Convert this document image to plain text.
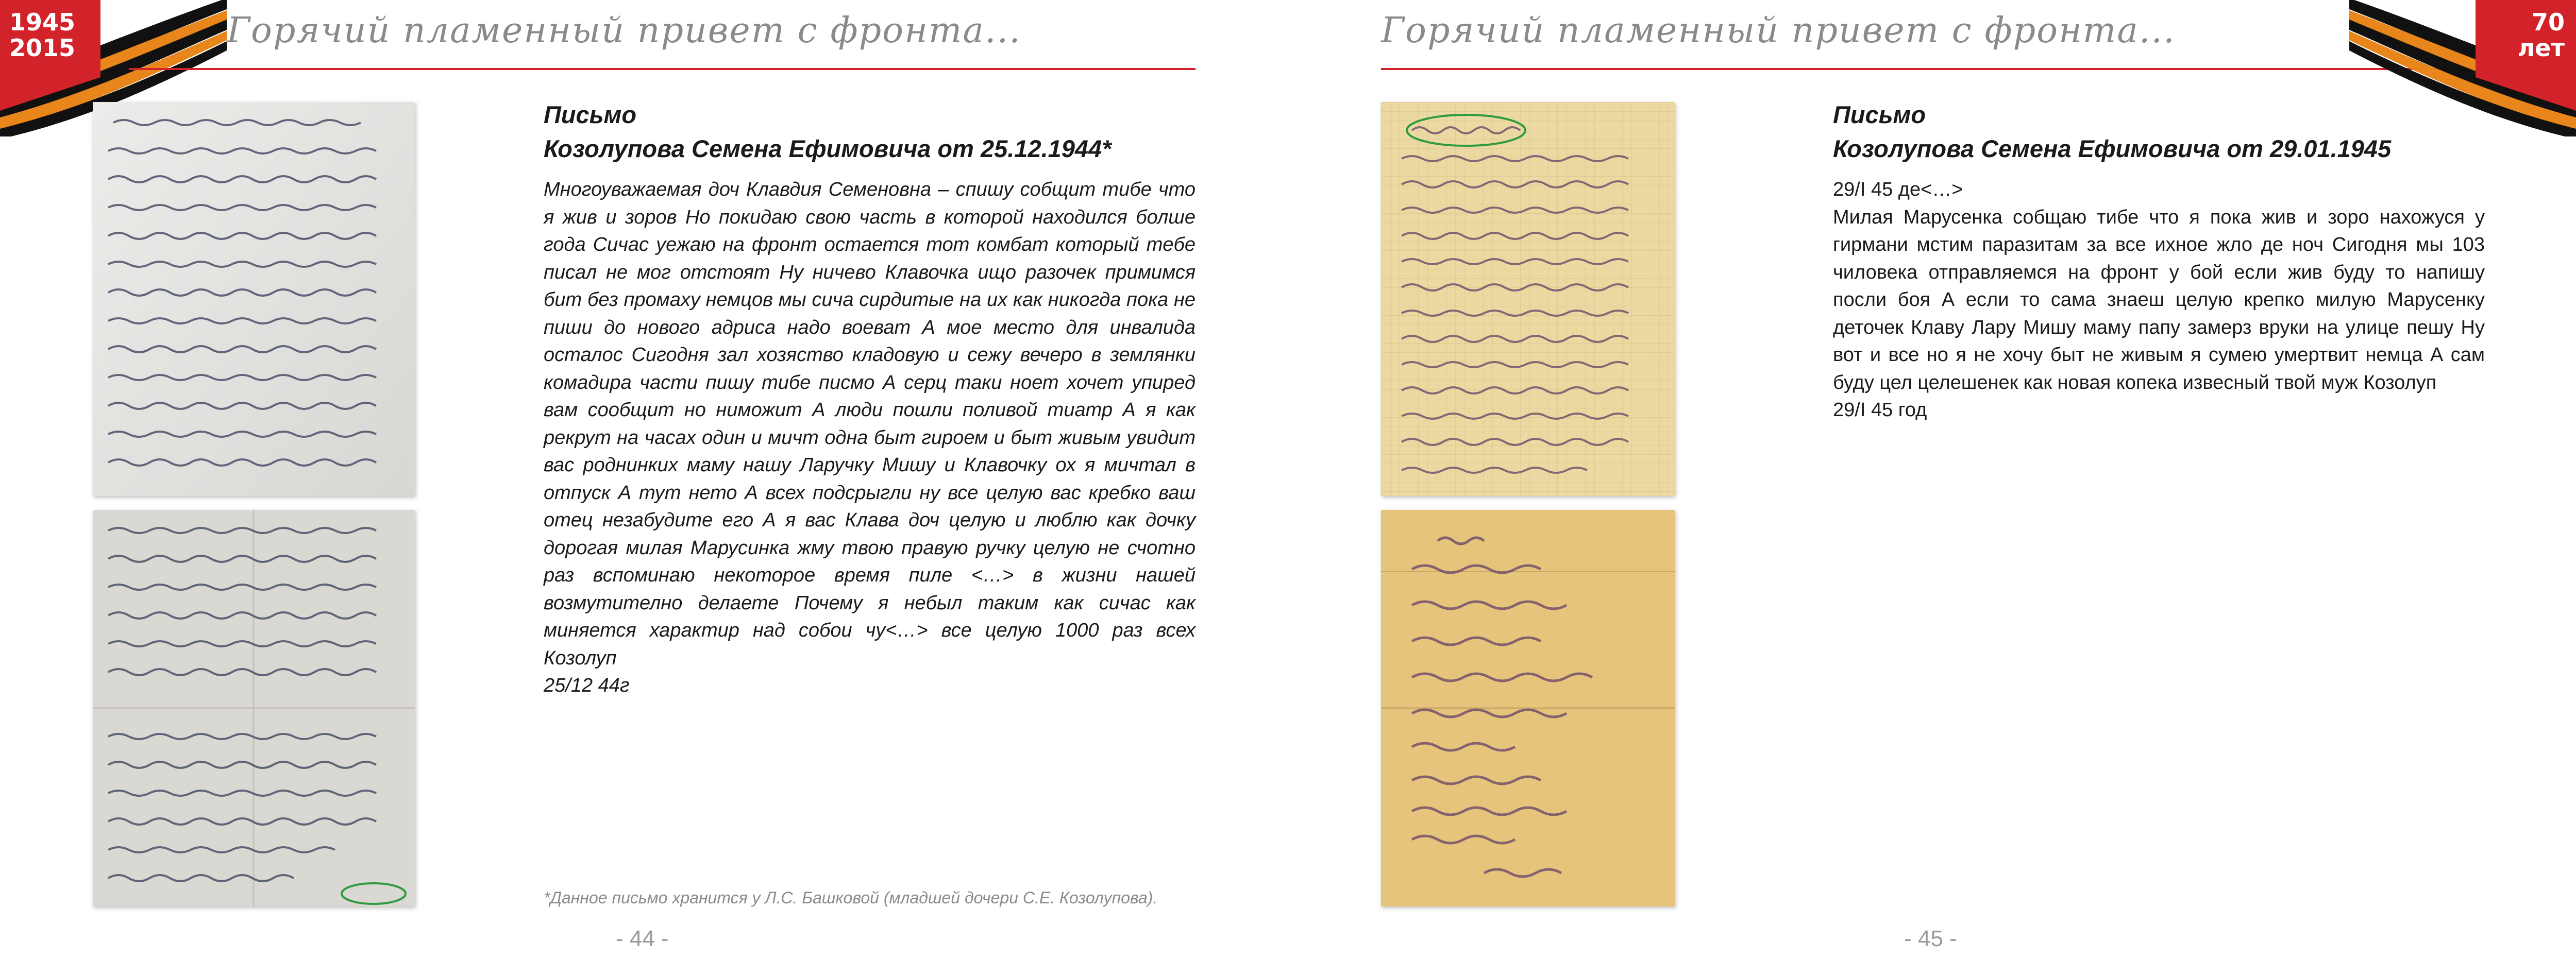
1945
2015	Горячий пламенный привет с фронта...
Письмо
Козолупова Семена Ефимовича от 25.12.1944*

Многоуважаемая доч Клавдия Семеновна – спишу собщит тибе что я жив и зоров Но покидаю свою часть в которой находился болше года Сичас уежаю на фронт остается тот комбат который тебе писал не мог отстоят Ну ничево Клавочка ищо разочек примимся бит без промаху немцов мы сича сирдитые на их как никогда пока не пиши до нового адриса надо воеват А мое место для инвалида осталос Сигодня зал хозяство кладовую и сежу вечеро в землянки комадира части пишу тибе писмо А серц таки ноет хочет упиред вам сообщит но ниможит А люди пошли поливой тиатр А я как рекрут на часах один и мичт одна быт гироем и быт живым увидит вас роднинких маму нашу Ларучку Мишу и Клавочку ох я мичтал в отпуск А тут нето А всех подсрыгли ну все целую вас кребко ваш отец незабудите его А я вас Клава доч целую и люблю как дочку дорогая милая Марусинка жму твою правую ручку целую не счотно раз вспоминаю некоторое время пиле <…> в жизни нашей возмутително делаете Почему я небыл таким как сичас как миняется характир над собои чу<…> все целую 1000 раз всех Козолуп

25/12 44г

*Данное письмо хранится у Л.С. Башковой (младшей дочери С.Е. Козолупова).
- 44 -
Горячий пламенный привет с фронта...	70
лет
Письмо
Козолупова Семена Ефимовича от 29.01.1945

29/I 45 де<…>

Милая Марусенка собщаю тибе что я пока жив и зоро нахожуся у гирмани мстим паразитам за все ихное жло де ноч Сигодня мы 103 чиловека отправляемся на фронт у бой если жив буду то напишу посли боя А если то сама знаеш целую крепко милую Марусенку деточек Клаву Лару Мишу маму папу замерз вруки на улице пешу Ну вот и все но я не хочу быт не живым я сумею умертвит немца А сам буду цел целешенек как новая копека извесный твой муж Козолуп

29/I 45 год

- 45 -
